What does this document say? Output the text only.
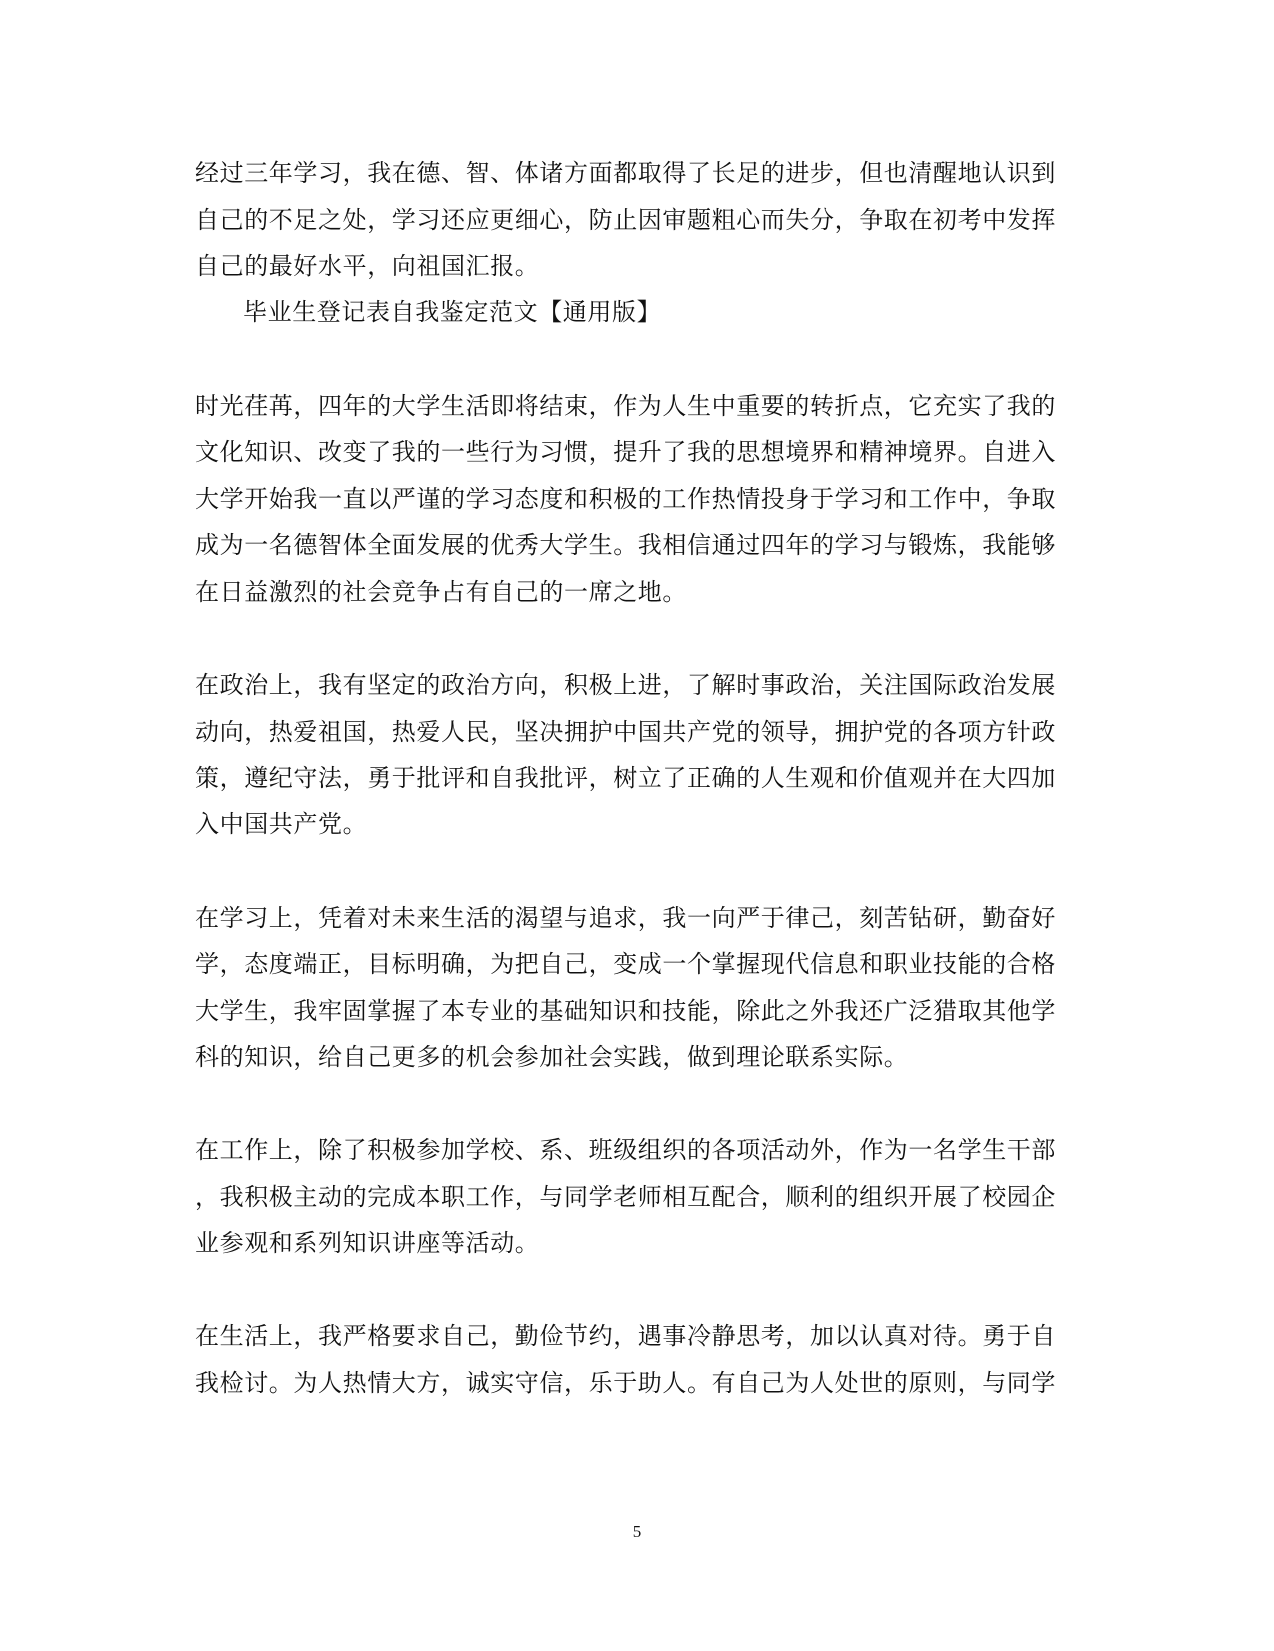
经过三年学习，我在德、智、体诸方面都取得了长足的进步，但也清醒地认识到
自己的不足之处，学习还应更细心，防止因审题粗心而失分，争取在初考中发挥
自己的最好水平，向祖国汇报。
毕业生登记表自我鉴定范文【通用版】
时光荏苒，四年的大学生活即将结束，作为人生中重要的转折点，它充实了我的
文化知识、改变了我的一些行为习惯，提升了我的思想境界和精神境界。自进入
大学开始我一直以严谨的学习态度和积极的工作热情投身于学习和工作中，争取
成为一名德智体全面发展的优秀大学生。我相信通过四年的学习与锻炼，我能够
在日益激烈的社会竞争占有自己的一席之地。
在政治上，我有坚定的政治方向，积极上进，了解时事政治，关注国际政治发展
动向，热爱祖国，热爱人民，坚决拥护中国共产党的领导，拥护党的各项方针政
策，遵纪守法，勇于批评和自我批评，树立了正确的人生观和价值观并在大四加
入中国共产党。
在学习上，凭着对未来生活的渴望与追求，我一向严于律己，刻苦钻研，勤奋好
学，态度端正，目标明确，为把自己，变成一个掌握现代信息和职业技能的合格
大学生，我牢固掌握了本专业的基础知识和技能，除此之外我还广泛猎取其他学
科的知识，给自己更多的机会参加社会实践，做到理论联系实际。
在工作上，除了积极参加学校、系、班级组织的各项活动外，作为一名学生干部
，我积极主动的完成本职工作，与同学老师相互配合，顺利的组织开展了校园企
业参观和系列知识讲座等活动。
在生活上，我严格要求自己，勤俭节约，遇事冷静思考，加以认真对待。勇于自
我检讨。为人热情大方，诚实守信，乐于助人。有自己为人处世的原则，与同学
5
